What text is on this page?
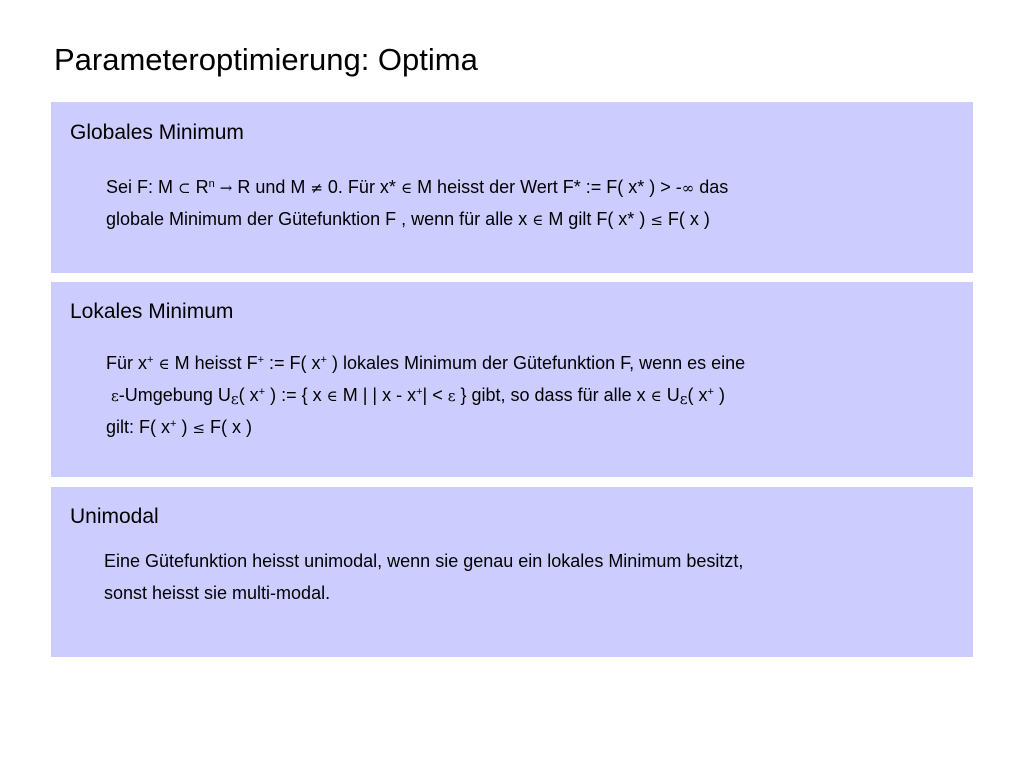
Parameteroptimierung: Optima
Globales Minimum
Sei F: M ⊂ $R^n \to R$ und M ≠ 0. Für x* ∈ M heisst der Wert F* := F( x* ) > -∞ das
globale Minimum der Gütefunktion F , wenn für alle x ∈ M gilt F( x* ) ≤ F( x )
Lokales Minimum
Für x+ ∈ M heisst F+ := F( x+ ) lokales Minimum der Gütefunktion F, wenn es eine
ε-Umgebung $U_\varepsilon$( x+ ) := { x ∈ M | | x - x+| < ε } gibt, so dass für alle x ∈ $U_\varepsilon$( x+ )
gilt: F( x+ ) ≤ F( x )
Unimodal
Eine Gütefunktion heisst unimodal, wenn sie genau ein lokales Minimum besitzt,
sonst heisst sie multi-modal.
